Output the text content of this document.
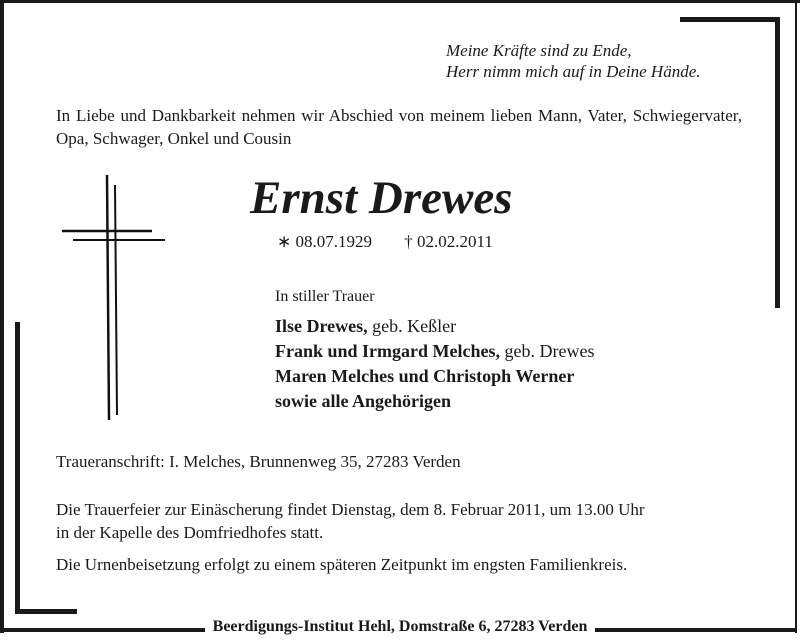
Meine Kräfte sind zu Ende,
Herr nimm mich auf in Deine Hände.
In Liebe und Dankbarkeit nehmen wir Abschied von meinem lieben Mann, Vater, Schwiegervater, Opa, Schwager, Onkel und Cousin
Ernst Drewes
∗ 08.07.1929 † 02.02.2011
In stiller Trauer
Ilse Drewes, geb. Keßler
Frank und Irmgard Melches, geb. Drewes
Maren Melches und Christoph Werner
sowie alle Angehörigen
Traueranschrift: I. Melches, Brunnenweg 35, 27283 Verden
Die Trauerfeier zur Einäscherung findet Dienstag, dem 8. Februar 2011, um 13.00 Uhr
in der Kapelle des Domfriedhofes statt.
Die Urnenbeisetzung erfolgt zu einem späteren Zeitpunkt im engsten Familienkreis.
Beerdigungs-Institut Hehl, Domstraße 6, 27283 Verden
